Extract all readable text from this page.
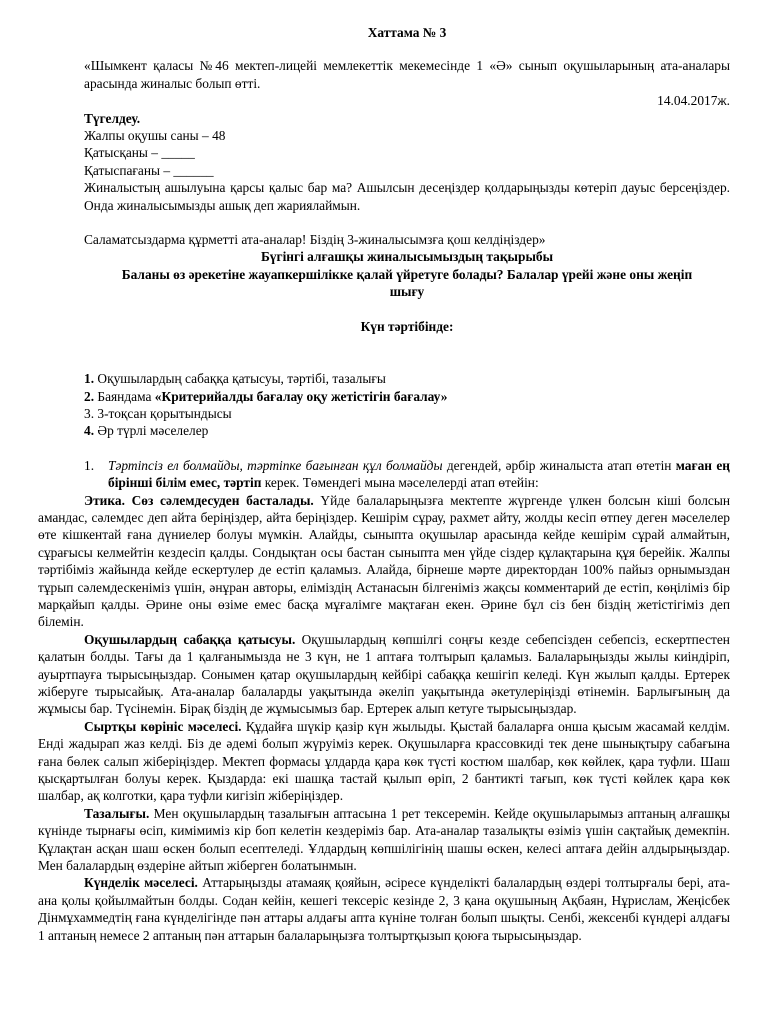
Хаттама № 3

«Шымкент қаласы №46 мектеп-лицейі мемлекеттік мекемесінде 1 «Ә» сынып оқушыларының ата-аналары арасында жиналыс болып өтті.

14.04.2017ж.

Түгелдеу.

Жалпы оқушы саны – 48

Қатысқаны – _____

Қатыспағаны – ______

Жиналыстың ашылуына қарсы қалыс бар ма? Ашылсын десеңіздер қолдарыңызды көтеріп дауыс берсеңіздер. Онда жиналысымызды ашық деп жариялаймын.

Саламатсыздарма құрметті ата-аналар! Біздің 3-жиналысымзға қош келдіңіздер»

Бүгінгі алғашқы жиналысымыздың тақырыбы

Баланы өз әрекетіне жауапкершілікке қалай үйретуге болады? Балалар үрейі және оны жеңіп шығу

Күн тәртібінде:

1. Оқушылардың сабаққа қатысуы, тәртібі, тазалығы

2. Баяндама «Критерийалды бағалау оқу жетістігін бағалау»

3. 3-тоқсан қорытындысы

4. Әр түрлі мәселелер

1.	Тәртіпсіз ел болмайды, тәртіпке бағынған құл болмайды дегендей, әрбір жиналыста атап өтетін маған ең бірінші білім емес, тәртіп керек. Төмендегі мына мәселелерді атап өтейін:

Этика. Сөз сәлемдесуден басталады. Үйде балаларыңызға мектепте жүргенде үлкен болсын кіші болсын амандас, сәлемдес деп айта беріңіздер, айта беріңіздер. Кешірім сұрау, рахмет айту, жолды кесіп өтпеу деген мәселелер өте кішкентай ғана дүниелер болуы мүмкін. Алайды, сыныпта оқушылар арасында кейде кешірім сұрай алмайтын, сұрағысы келмейтін кездесіп қалды. Сондықтан осы бастан сыныпта мен үйде сіздер құлақтарына құя берейік. Жалпы тәртібіміз жайында кейде ескертулер де естіп қаламыз. Алайда, бірнеше мәрте директордан 100% пайыз орнымыздан тұрып сәлемдескеніміз үшін, әнұран авторы, еліміздің Астанасын білгеніміз жақсы комментарий де естіп, көңіліміз бір марқайып қалды. Әрине оны өзіме емес басқа мұғалімге мақтаған екен. Әрине бұл сіз бен біздің жетістігіміз деп білемін.

Оқушылардың сабаққа қатысуы. Оқушылардың көпшілгі соңғы кезде себепсізден себепсіз, ескертпестен қалатын болды. Тағы да 1 қалғанымызда не 3 күн, не 1 аптаға толтырып қаламыз. Балаларыңызды жылы киіндіріп, ауыртпауға тырысыңыздар. Сонымен қатар оқушылардың кейбірі сабаққа кешігіп келеді. Күн жылып қалды. Ертерек жіберуге тырысайық. Ата-аналар балаларды уақытында әкеліп уақытында әкетулеріңізді өтінемін. Барлығының да жұмысы бар. Түсінемін. Бірақ біздің де жұмысымыз бар. Ертерек алып кетуге тырысыңыздар.

Сыртқы көрініс мәселесі. Құдайға шүкір қазір күн жылыды. Қыстай балаларға онша қысым жасамай келдім. Енді жадырап жаз келді. Біз де әдемі болып жүруіміз керек. Оқушыларға крассовкиді тек дене шынықтыру сабағына ғана бөлек салып жіберіңіздер. Мектеп формасы ұлдарда қара көк түсті костюм шалбар, көк көйлек, қара туфли. Шаш қысқартылған болуы керек. Қыздарда: екі шашқа тастай қылып өріп, 2 бантикті тағып, көк түсті көйлек қара көк шалбар, ақ колготки, қара туфли кигізіп жіберіңіздер.

Тазалығы. Мен оқушылардың тазалығын аптасына 1 рет тексеремін. Кейде оқушыларымыз аптаның алғашқы күнінде тырнағы өсіп, кимімиміз кір боп келетін кездеріміз бар. Ата-аналар тазалықты өзіміз үшін сақтайық демекпін. Құлақтан асқан шаш өскен болып есептеледі. Ұлдардың көпшілігінің шашы өскен, келесі аптаға дейін алдырыңыздар. Мен балалардың өздеріне айтып жіберген болатынмын.

Күнделік мәселесі. Аттарыңызды атамаяқ қояйын, әсіресе күнделікті балалардың өздері толтырғалы бері, ата-ана қолы қойылмайтын болды. Содан кейін, кешегі тексеріс кезінде 2, 3 қана оқушының Ақбаян, Нұрислам, Жеңісбек Дінмұхаммедтің ғана күнделігінде пән аттары алдағы апта күніне толған болып шықты. Сенбі, жексенбі күндері алдағы 1 аптаның немесе 2 аптаның пән аттарын балаларыңызға толтыртқызып қоюға тырысыңыздар.
